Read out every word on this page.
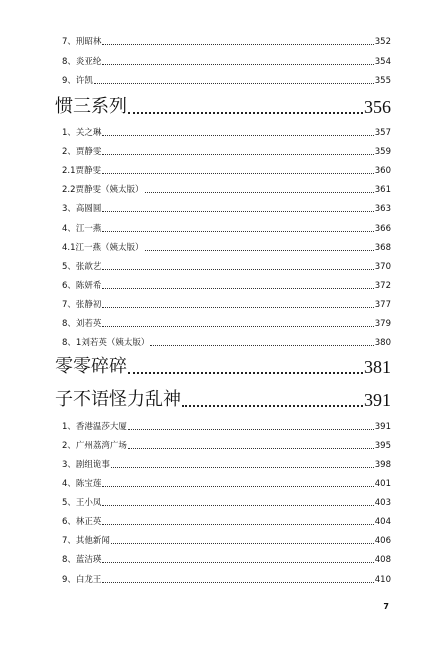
7、刑昭林	352
8、炎亚纶	354
9、许凯	355
惯三系列	356
1、关之琳	357
2、贾静雯	359
2.1贾静雯	360
2.2贾静雯（姨太版）	361
3、高圆圆	363
4、江一燕	366
4.1江一燕（姨太版）	368
5、张歆艺	370
6、陈妍希	372
7、张静初	377
8、刘若英	379
8、1刘若英（姨太版）	380
零零碎碎	381
子不语怪力乱神	391
1、香港温莎大厦	391
2、广州荔湾广场	395
3、剧组诡事	398
4、陈宝莲	401
5、王小凤	403
6、林正英	404
7、其他新闻	406
8、蓝洁瑛	408
9、白龙王	410
7
